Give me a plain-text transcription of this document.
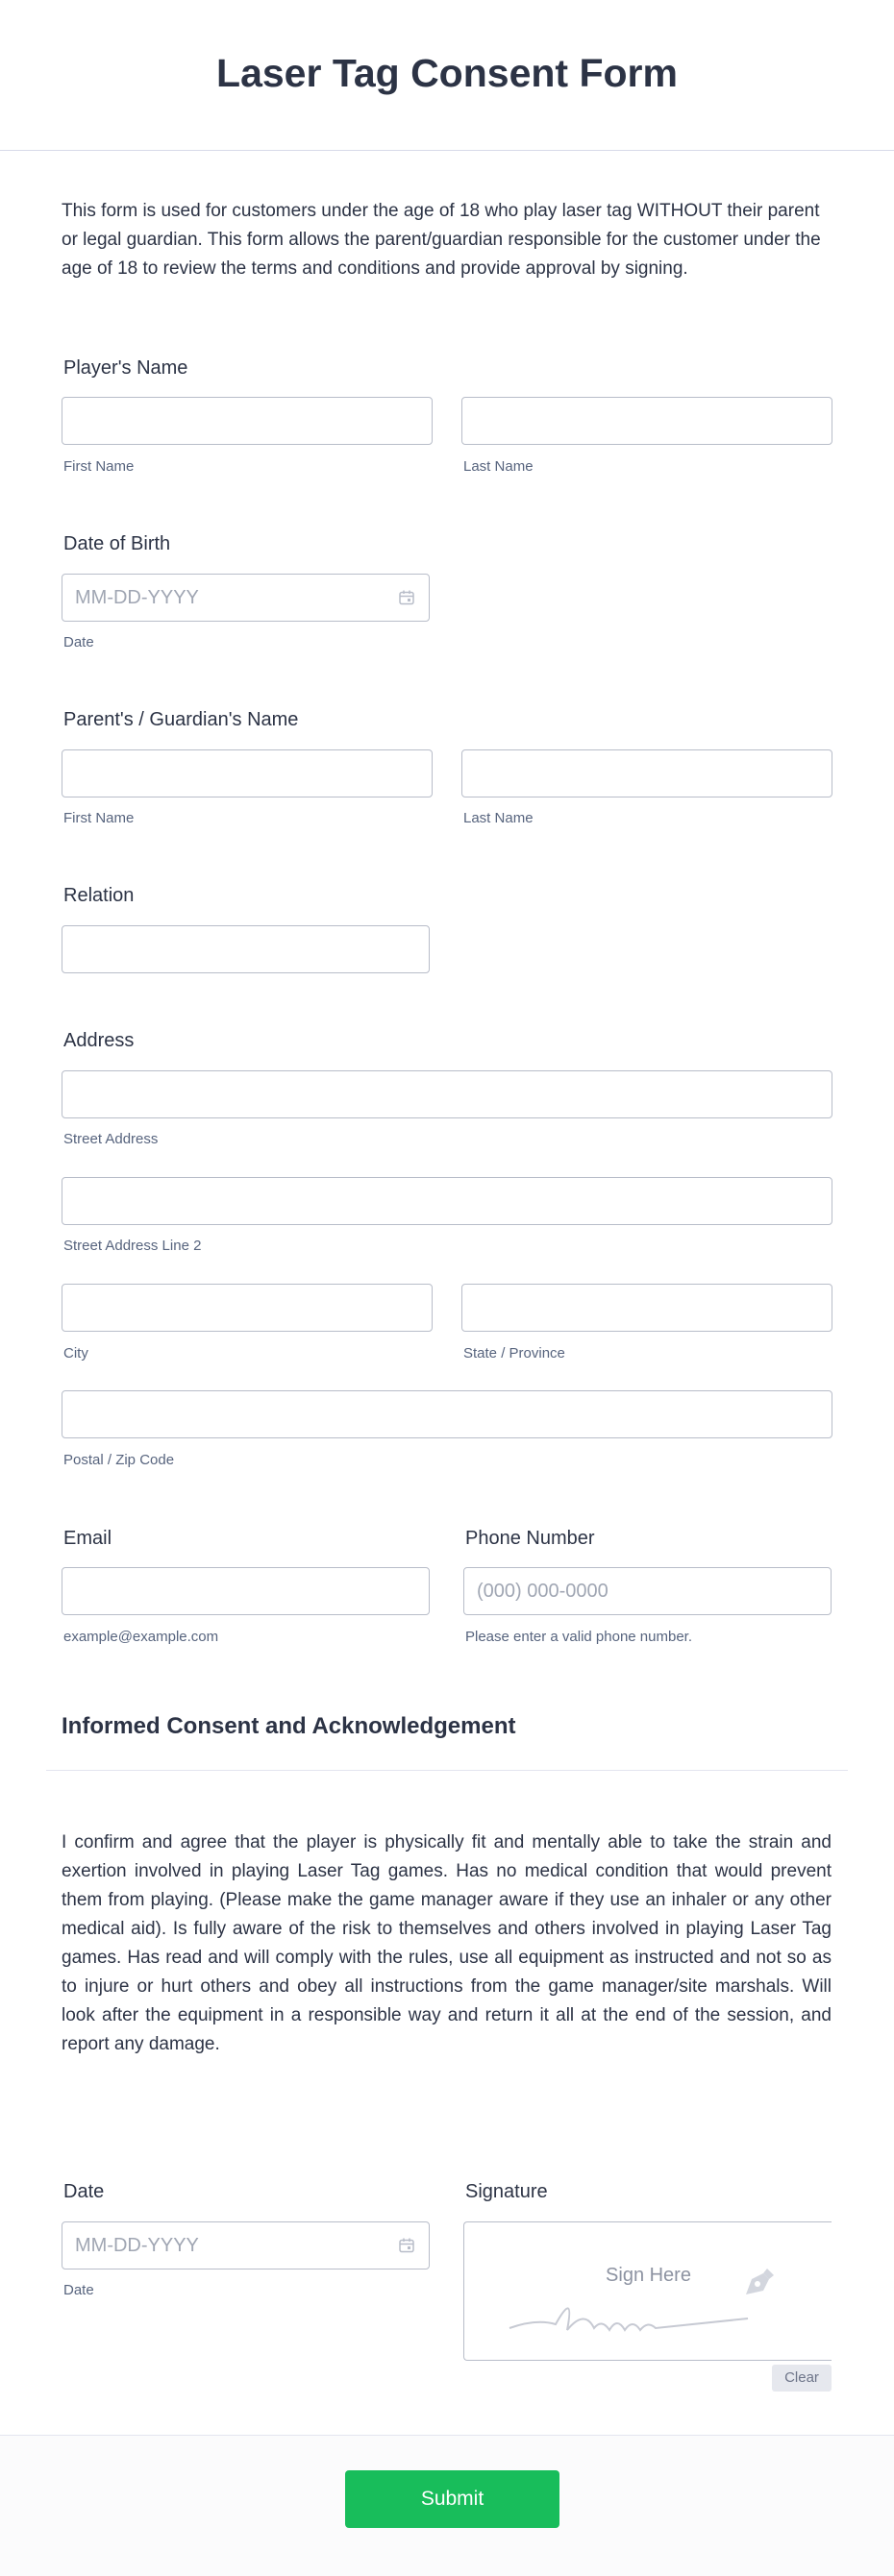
Laser Tag Consent Form

This form is used for customers under the age of 18 who play laser tag WITHOUT their parent or legal guardian. This form allows the parent/guardian responsible for the customer under the age of 18 to review the terms and conditions and provide approval by signing.

Player's Name
First Name	Last Name
Date of Birth
MM-DD-YYYY
Date
Parent's / Guardian's Name
First Name	Last Name
Relation
Address
Street Address
Street Address Line 2
City	State / Province
Postal / Zip Code
Email
example@example.com
Phone Number
(000) 000-0000
Please enter a valid phone number.
Informed Consent and Acknowledgement

I confirm and agree that the player is physically fit and mentally able to take the strain and exertion involved in playing Laser Tag games. Has no medical condition that would prevent them from playing. (Please make the game manager aware if they use an inhaler or any other medical aid). Is fully aware of the risk to themselves and others involved in playing Laser Tag games. Has read and will comply with the rules, use all equipment as instructed and not so as to injure or hurt others and obey all instructions from the game manager/site marshals. Will look after the equipment in a responsible way and return it all at the end of the session, and report any damage.

Date
MM-DD-YYYY
Date
Signature
Sign Here
Clear
Submit
